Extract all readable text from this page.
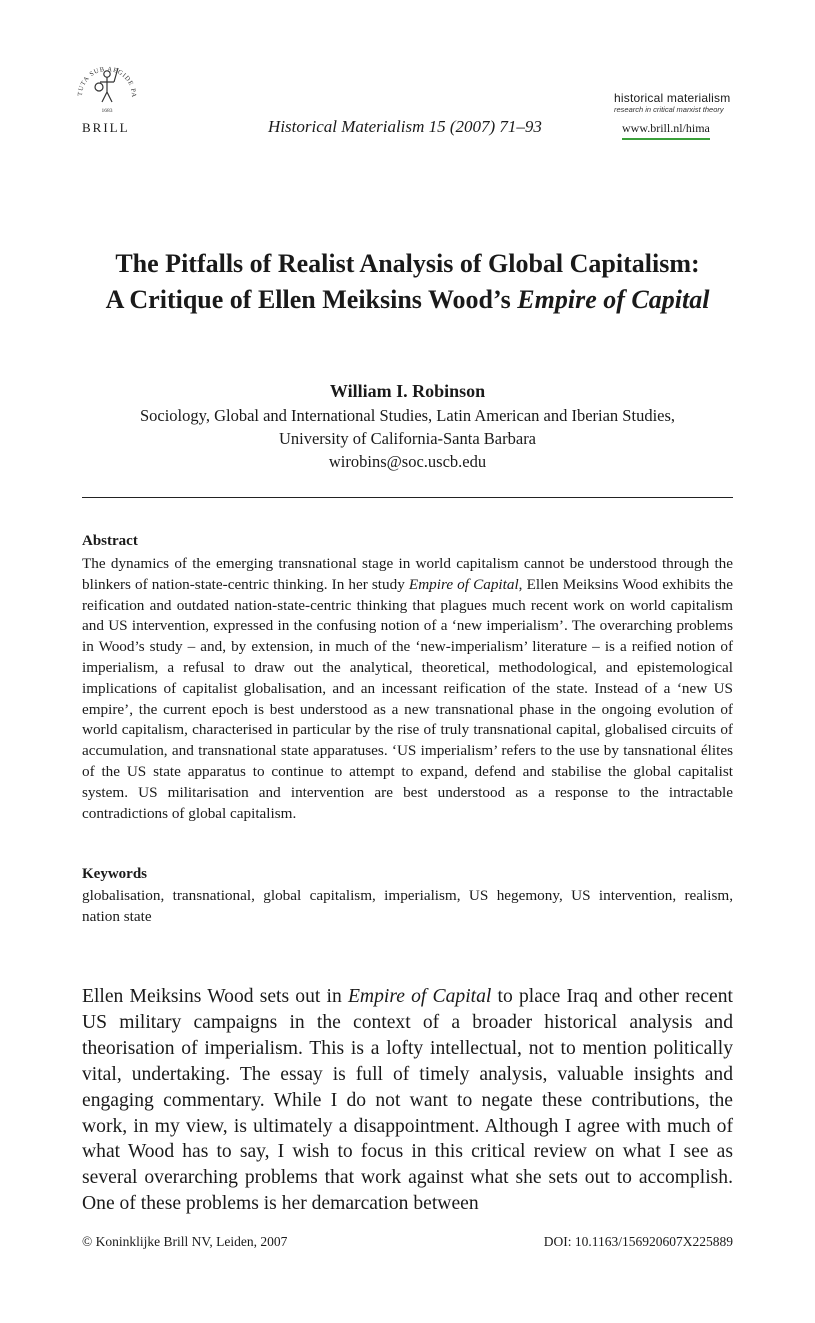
TUTA SUB AEGIDE PA
1683
BRILL	Historical Materialism 15 (2007) 71–93
historical materialism
research in critical marxist theory
www.brill.nl/hima
The Pitfalls of Realist Analysis of Global Capitalism:
A Critique of Ellen Meiksins Wood’s Empire of Capital
William I. Robinson
Sociology, Global and International Studies, Latin American and Iberian Studies,
University of California-Santa Barbara
wirobins@soc.uscb.edu
Abstract
The dynamics of the emerging transnational stage in world capitalism cannot be understood through the blinkers of nation-state-centric thinking. In her study Empire of Capital, Ellen Meiksins Wood exhibits the reification and outdated nation-state-centric thinking that plagues much recent work on world capitalism and US intervention, expressed in the confusing notion of a ‘new imperialism’. The overarching problems in Wood’s study – and, by extension, in much of the ‘new-imperialism’ literature – is a reified notion of imperialism, a refusal to draw out the analytical, theoretical, methodological, and epistemological implications of capitalist globalisation, and an incessant reification of the state. Instead of a ‘new US empire’, the current epoch is best understood as a new transnational phase in the ongoing evolution of world capitalism, characterised in particular by the rise of truly transnational capital, globalised circuits of accumulation, and transnational state apparatuses. ‘US imperialism’ refers to the use by tansnational élites of the US state apparatus to continue to attempt to expand, defend and stabilise the global capitalist system. US militarisation and intervention are best understood as a response to the intractable contradictions of global capitalism.
Keywords
globalisation, transnational, global capitalism, imperialism, US hegemony, US intervention, realism, nation state
Ellen Meiksins Wood sets out in Empire of Capital to place Iraq and other recent US military campaigns in the context of a broader historical analysis and theorisation of imperialism. This is a lofty intellectual, not to mention politically vital, undertaking. The essay is full of timely analysis, valuable insights and engaging commentary. While I do not want to negate these contributions, the work, in my view, is ultimately a disappointment. Although I agree with much of what Wood has to say, I wish to focus in this critical review on what I see as several overarching problems that work against what she sets out to accomplish. One of these problems is her demarcation between
© Koninklijke Brill NV, Leiden, 2007	DOI: 10.1163/156920607X225889
